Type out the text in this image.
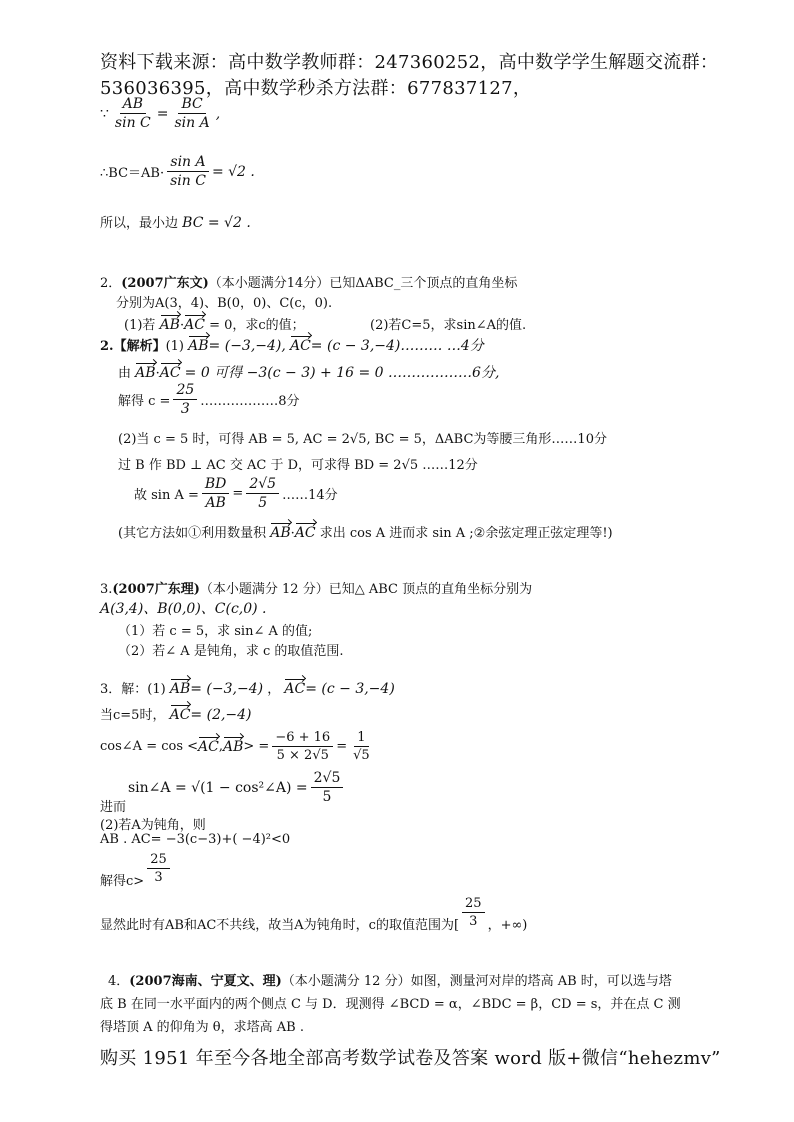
资料下载来源：高中数学教师群：247360252，高中数学学生解题交流群：
536036395，高中数学秒杀方法群：677837127，
∵ $\frac{AB}{\text{sin C}} = \frac{BC}{\text{sin A}}$ ,
∴BC＝AB· $\frac{\text{sin A}}{\text{sin C}} = √2$ .
所以，最小边 BC = √2 .
2．(2007广东文)（本小题满分14分）已知ΔABC_三个顶点的直角坐标
分别为A(3，4)、B(0，0)、C(c，0).
(1)若 AB·AC = 0，求c的值；	(2)若C=5，求sin∠A的值.
2.【解析】(1) AB= (−3,−4), AC= (c − 3,−4)……… …4分
由 AB·AC = 0 可得 −3(c − 3) + 16 = 0 ………………6分,
解得 $c = \frac{25}{3}$ ………………8分
(2)当 c = 5 时，可得 AB = 5, AC = 2√5, BC = 5，ΔABC为等腰三角形……10分
过 B 作 BD ⊥ AC 交 AC 于 D，可求得 BD = 2√5 ……12分
故 $\sin A = \frac{BD}{AB} = \frac{2√5}{5}$ ……14分
(其它方法如①利用数量积 AB·AC 求出 cos A 进而求 sin A ;②余弦定理正弦定理等!)
3.(2007广东理)（本小题满分 12 分）已知△ ABC 顶点的直角坐标分别为
A(3,4)、B(0,0)、C(c,0) .
（1）若 c = 5，求 sin∠ A 的值;
（2）若∠ A 是钝角，求 c 的取值范围.
3．解：(1) AB= (−3,−4) ， AC= (c − 3,−4)
当c=5时， AC= (2,−4)
cos∠A = cos < AC , AB > = $\frac{-6 + 16}{5 \times 2√5} = \frac{1}{√5}$
sin∠A = √(1 − cos²∠A) = $\frac{2√5}{5}$
进而
(2)若A为钝角，则
AB . AC= −3(c−3)+( −4)²<0
解得$c> \frac{25}{3}$
显然此时有AB和AC不共线，故当A为钝角时，c的取值范围为[ $\frac{25}{3}$ ，+∞)
4．(2007海南、宁夏文、理)（本小题满分 12 分）如图，测量河对岸的塔高 AB 时，可以选与塔
底 B 在同一水平面内的两个侧点 C 与 D．现测得 ∠BCD = α，∠BDC = β，CD = s，并在点 C 测
得塔顶 A 的仰角为 θ，求塔高 AB .
购买 1951 年至今各地全部高考数学试卷及答案 word 版+微信“hehezmv”
